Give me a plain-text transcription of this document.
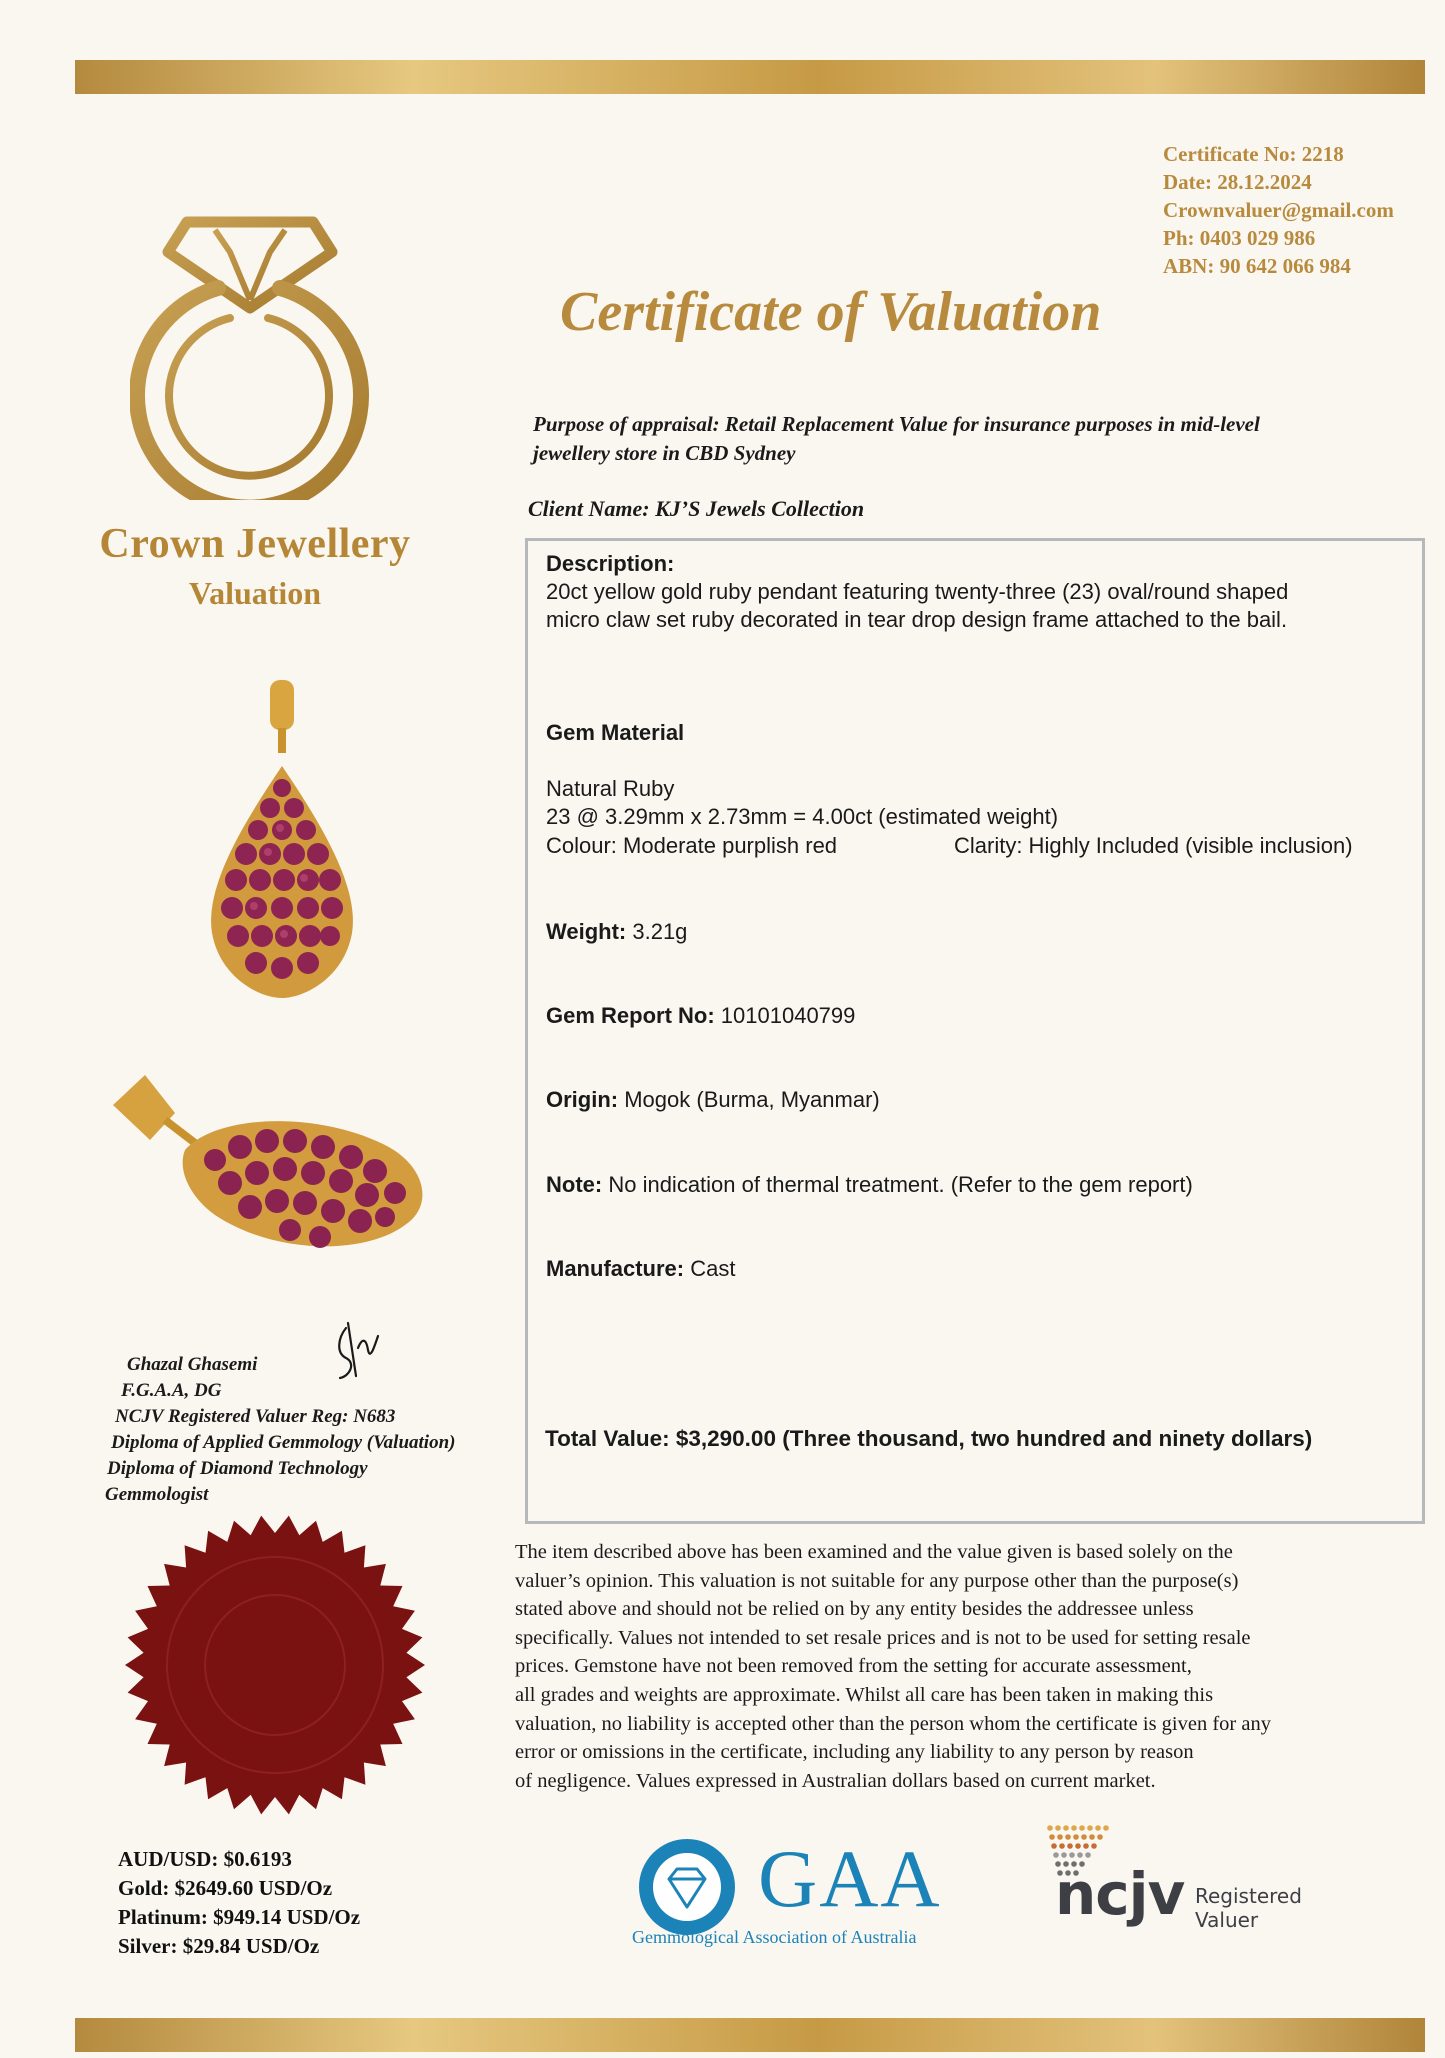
Certificate No: 2218
Date: 28.12.2024
Crownvaluer@gmail.com
Ph: 0403 029 986
ABN: 90 642 066 984
Crown Jewellery
Valuation
Certificate of Valuation
Purpose of appraisal: Retail Replacement Value for insurance purposes in mid-level
jewellery store in CBD Sydney
Client Name: KJ’S Jewels Collection
Description:
20ct yellow gold ruby pendant featuring twenty-three (23) oval/round shaped
micro claw set ruby decorated in tear drop design frame attached to the bail.
Gem Material
Natural Ruby
23 @ 3.29mm x 2.73mm = 4.00ct (estimated weight)
Colour: Moderate purplish red	Clarity: Highly Included (visible inclusion)
Weight: 3.21g
Gem Report No: 10101040799
Origin: Mogok (Burma, Myanmar)
Note: No indication of thermal treatment. (Refer to the gem report)
Manufacture: Cast
Total Value: $3,290.00 (Three thousand, two hundred and ninety dollars)
Ghazal Ghasemi
F.G.A.A, DG
NCJV Registered Valuer Reg: N683
Diploma of Applied Gemmology (Valuation)
Diploma of Diamond Technology
Gemmologist
The item described above has been examined and the value given is based solely on the
valuer’s opinion. This valuation is not suitable for any purpose other than the purpose(s)
stated above and should not be relied on by any entity besides the addressee unless
specifically. Values not intended to set resale prices and is not to be used for setting resale
prices. Gemstone have not been removed from the setting for accurate assessment,
all grades and weights are approximate. Whilst all care has been taken in making this
valuation, no liability is accepted other than the person whom the certificate is given for any
error or omissions in the certificate, including any liability to any person by reason
of negligence. Values expressed in Australian dollars based on current market.
AUD/USD: $0.6193
Gold: $2649.60 USD/Oz
Platinum: $949.14 USD/Oz
Silver: $29.84 USD/Oz
GAA
Gemmological Association of Australia
ncjv Registered
Valuer
